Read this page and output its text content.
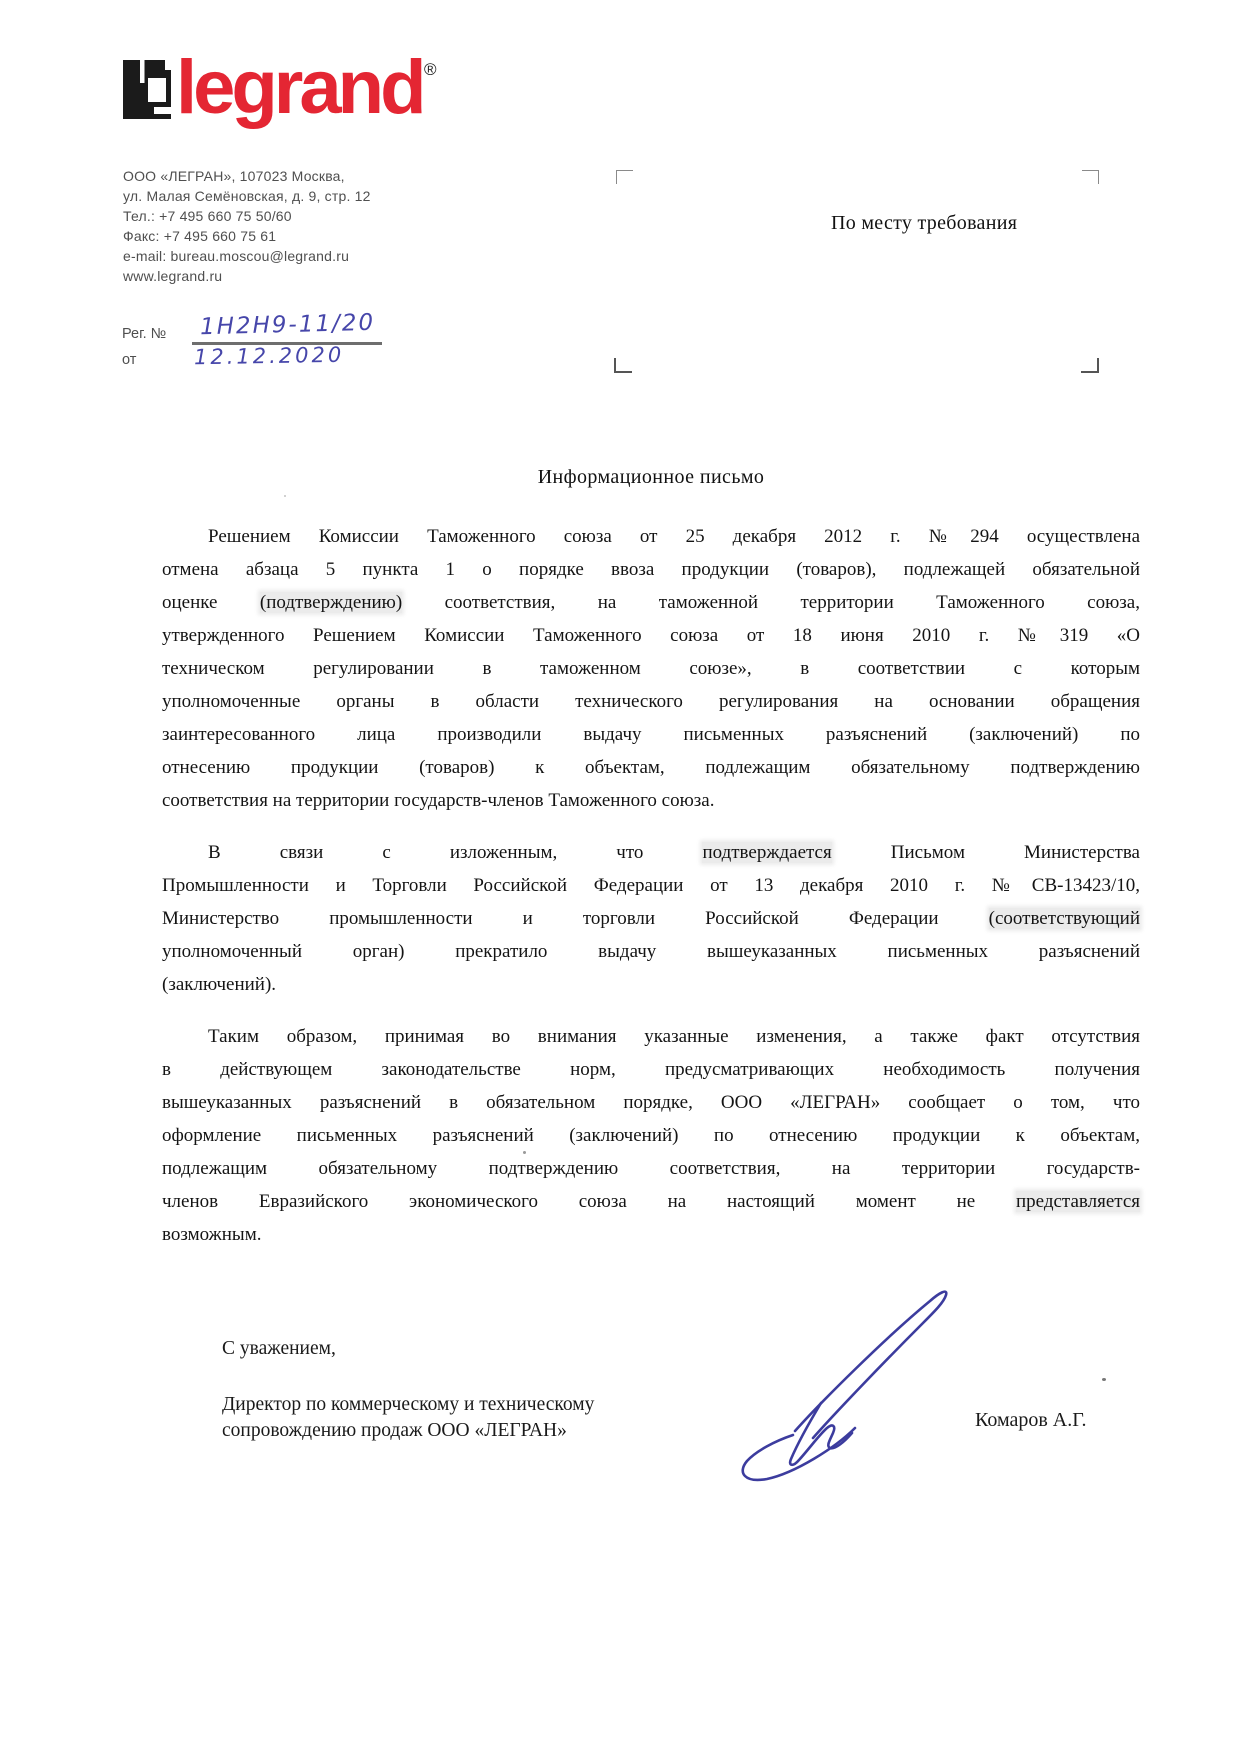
legrand ®
ООО «ЛЕГРАН», 107023 Москва,
ул. Малая Семёновская, д. 9, стр. 12
Тел.: +7 495 660 75 50/60
Факс: +7 495 660 75 61
e-mail: bureau.moscou@legrand.ru
www.legrand.ru
Рег. № 1Н2Н9-11/20
от	12.12.2020
По месту требования
Информационное письмо
Решением Комиссии Таможенного союза от 25 декабря 2012 г. №294 осуществлена
отмена абзаца 5 пункта 1 о порядке ввоза продукции (товаров), подлежащей обязательной
оценке (подтверждению) соответствия, на таможенной территории Таможенного союза,
утвержденного Решением Комиссии Таможенного союза от 18 июня 2010 г. №319 «О
техническом регулировании в таможенном союзе», в соответствии с которым
уполномоченные органы в области технического регулирования на основании обращения
заинтересованного лица производили выдачу письменных разъяснений (заключений) по
отнесению продукции (товаров) к объектам, подлежащим обязательному подтверждению
соответствия на территории государств-членов Таможенного союза.
В связи с изложенным, что подтверждается Письмом Министерства
Промышленности и Торговли Российской Федерации от 13 декабря 2010 г. №СВ-13423/10,
Министерство промышленности и торговли Российской Федерации (соответствующий
уполномоченный орган) прекратило выдачу вышеуказанных письменных разъяснений
(заключений).
Таким образом, принимая во внимания указанные изменения, а также факт отсутствия
в действующем законодательстве норм, предусматривающих необходимость получения
вышеуказанных разъяснений в обязательном порядке, ООО «ЛЕГРАН» сообщает о том, что
оформление письменных разъяснений (заключений) по отнесению продукции к объектам,
подлежащим обязательному подтверждению соответствия, на территории государств-
членов Евразийского экономического союза на настоящий момент не представляется
возможным.
С уважением,
Директор по коммерческому и техническому
сопровождению продаж ООО «ЛЕГРАН»	Комаров А.Г.
